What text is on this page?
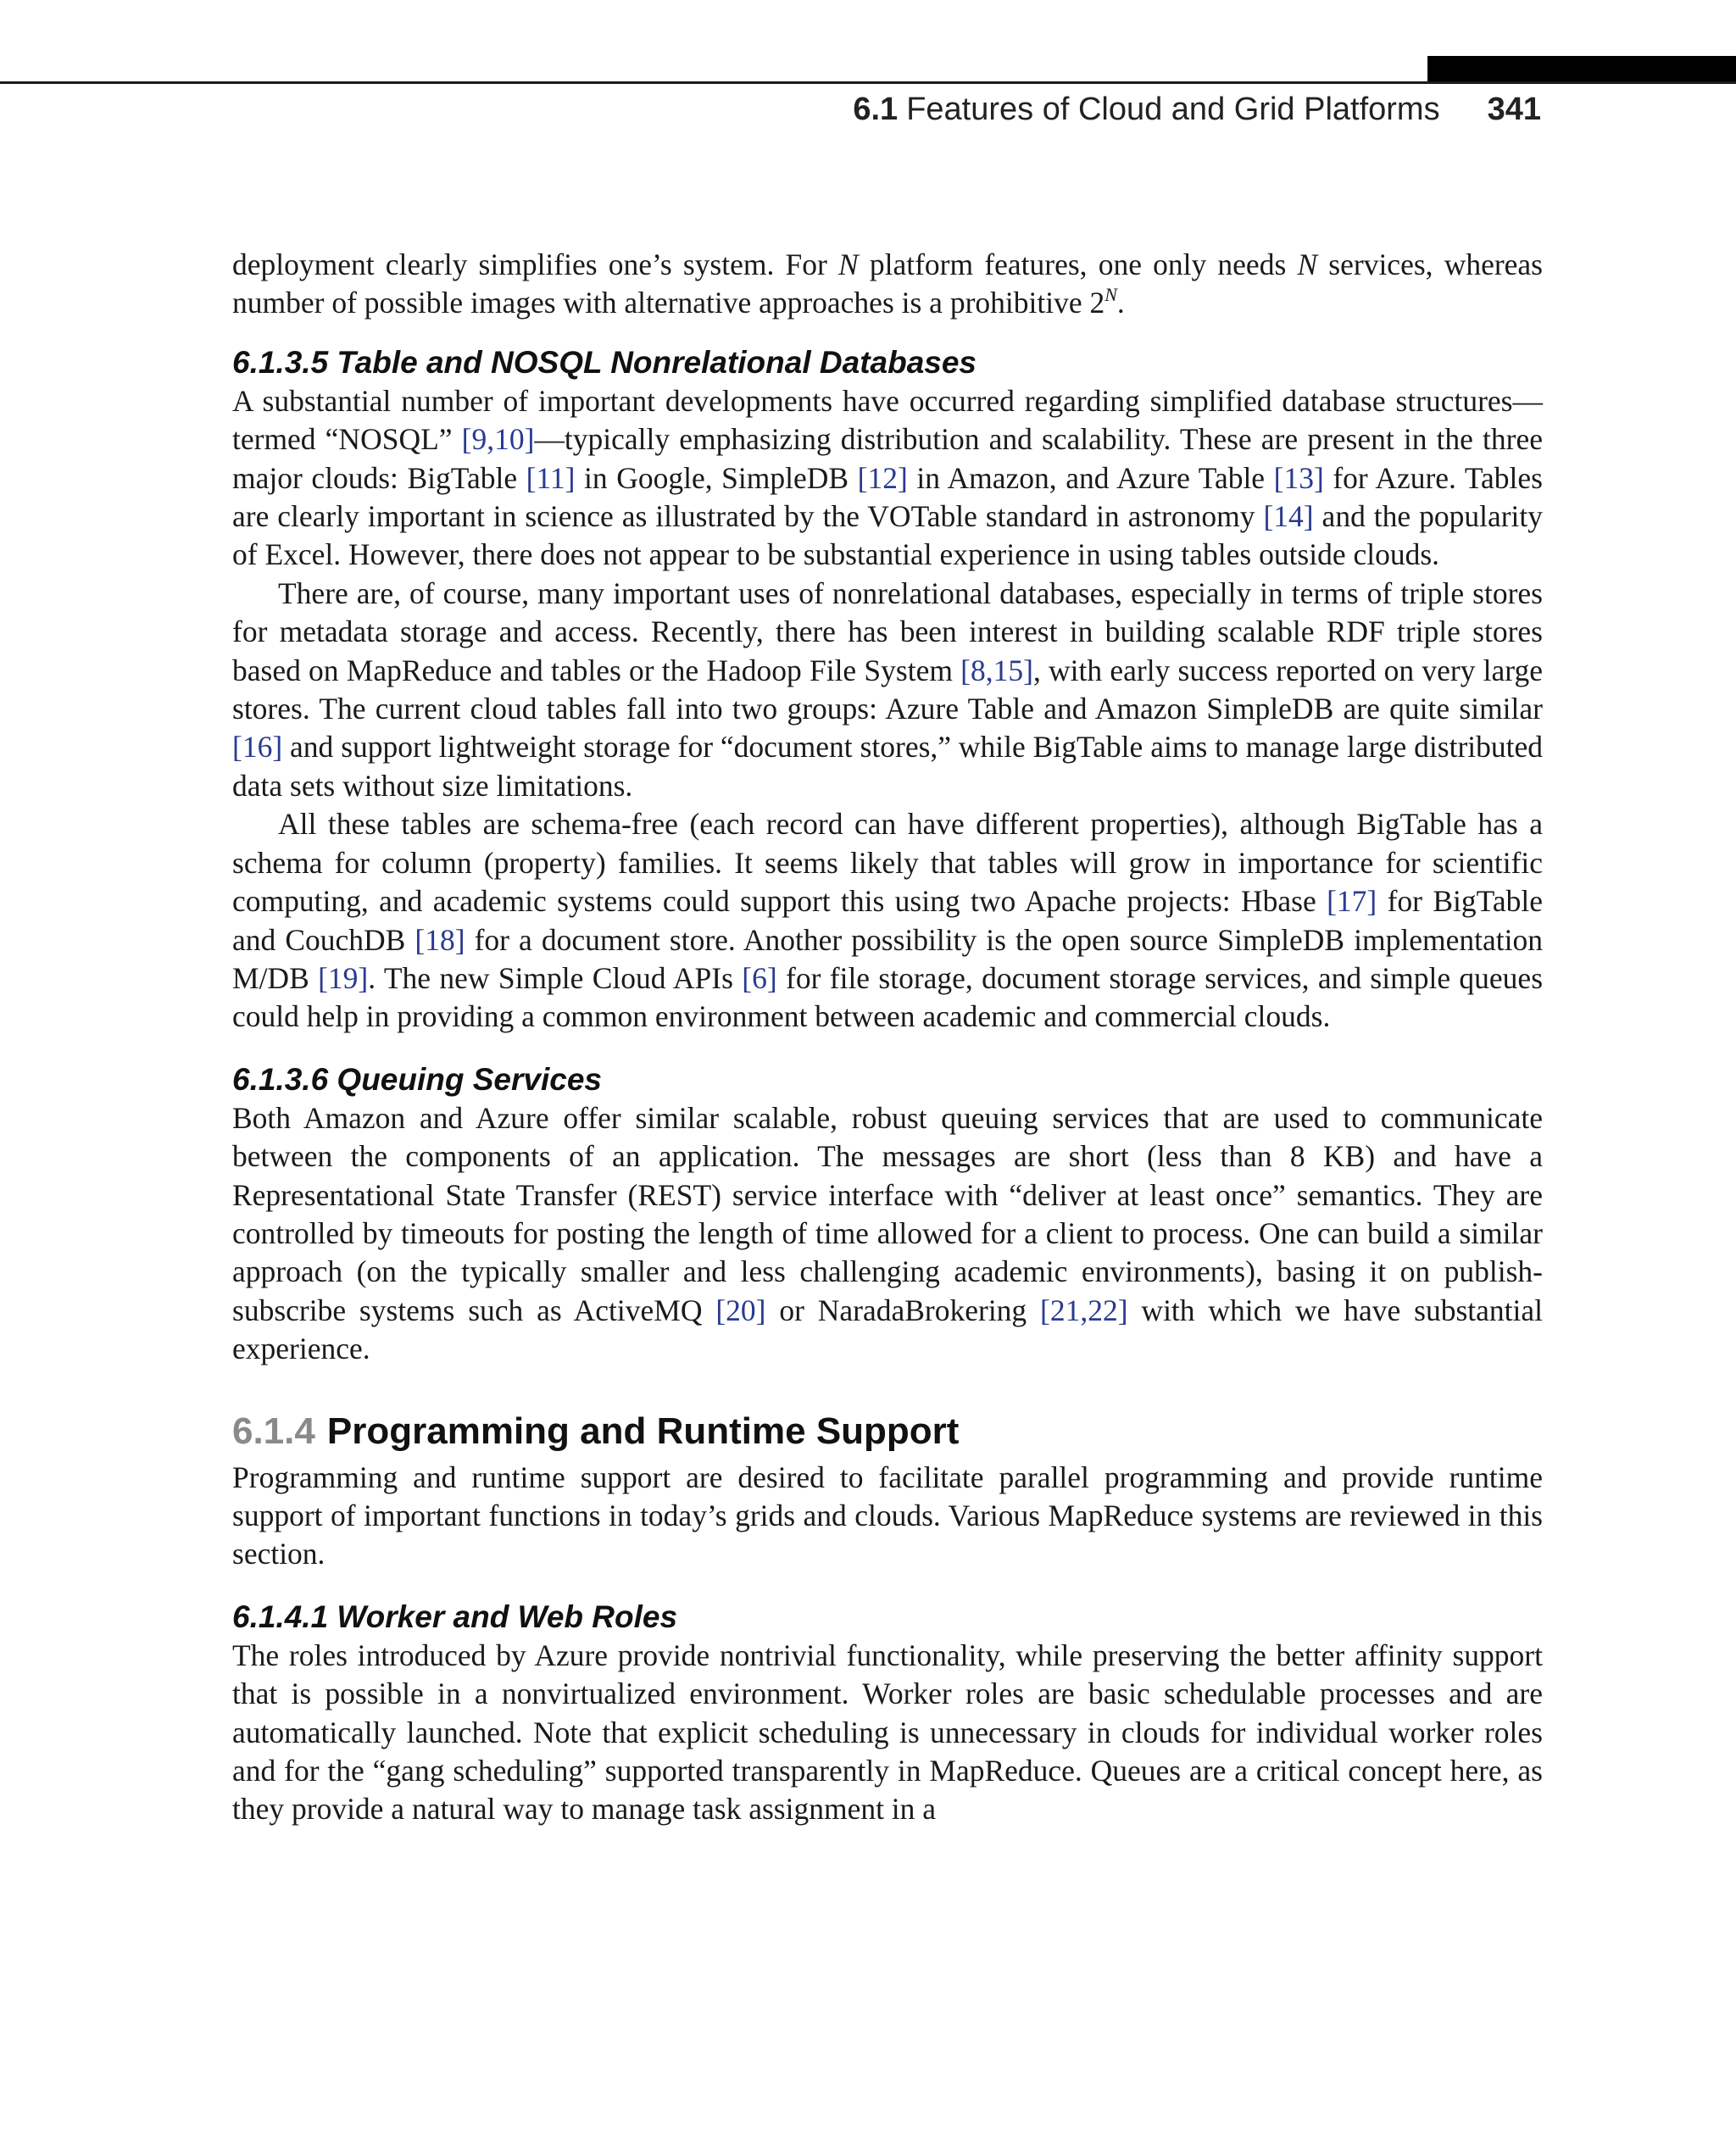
6.1 Features of Cloud and Grid Platforms 341

deployment clearly simplifies one’s system. For N platform features, one only needs N services, whereas number of possible images with alternative approaches is a prohibitive $2^N$.

6.1.3.5 Table and NOSQL Nonrelational Databases

A substantial number of important developments have occurred regarding simplified database structures—termed “NOSQL” [9,10]—typically emphasizing distribution and scalability. These are present in the three major clouds: BigTable [11] in Google, SimpleDB [12] in Amazon, and Azure Table [13] for Azure. Tables are clearly important in science as illustrated by the VOTable standard in astronomy [14] and the popularity of Excel. However, there does not appear to be substantial experience in using tables outside clouds.

There are, of course, many important uses of nonrelational databases, especially in terms of triple stores for metadata storage and access. Recently, there has been interest in building scalable RDF triple stores based on MapReduce and tables or the Hadoop File System [8,15], with early success reported on very large stores. The current cloud tables fall into two groups: Azure Table and Amazon SimpleDB are quite similar [16] and support lightweight storage for “document stores,” while BigTable aims to manage large distributed data sets without size limitations.

All these tables are schema-free (each record can have different properties), although BigTable has a schema for column (property) families. It seems likely that tables will grow in importance for scientific computing, and academic systems could support this using two Apache projects: Hbase [17] for BigTable and CouchDB [18] for a document store. Another possibility is the open source SimpleDB implementation M/DB [19]. The new Simple Cloud APIs [6] for file storage, document storage services, and simple queues could help in providing a common environment between academic and commercial clouds.

6.1.3.6 Queuing Services

Both Amazon and Azure offer similar scalable, robust queuing services that are used to communicate between the components of an application. The messages are short (less than 8 KB) and have a Representational State Transfer (REST) service interface with “deliver at least once” semantics. They are controlled by timeouts for posting the length of time allowed for a client to process. One can build a similar approach (on the typically smaller and less challenging academic environments), basing it on publish-subscribe systems such as ActiveMQ [20] or NaradaBrokering [21,22] with which we have substantial experience.

6.1.4 Programming and Runtime Support

Programming and runtime support are desired to facilitate parallel programming and provide runtime support of important functions in today’s grids and clouds. Various MapReduce systems are reviewed in this section.

6.1.4.1 Worker and Web Roles

The roles introduced by Azure provide nontrivial functionality, while preserving the better affinity support that is possible in a nonvirtualized environment. Worker roles are basic schedulable processes and are automatically launched. Note that explicit scheduling is unnecessary in clouds for individual worker roles and for the “gang scheduling” supported transparently in MapReduce. Queues are a critical concept here, as they provide a natural way to manage task assignment in a
